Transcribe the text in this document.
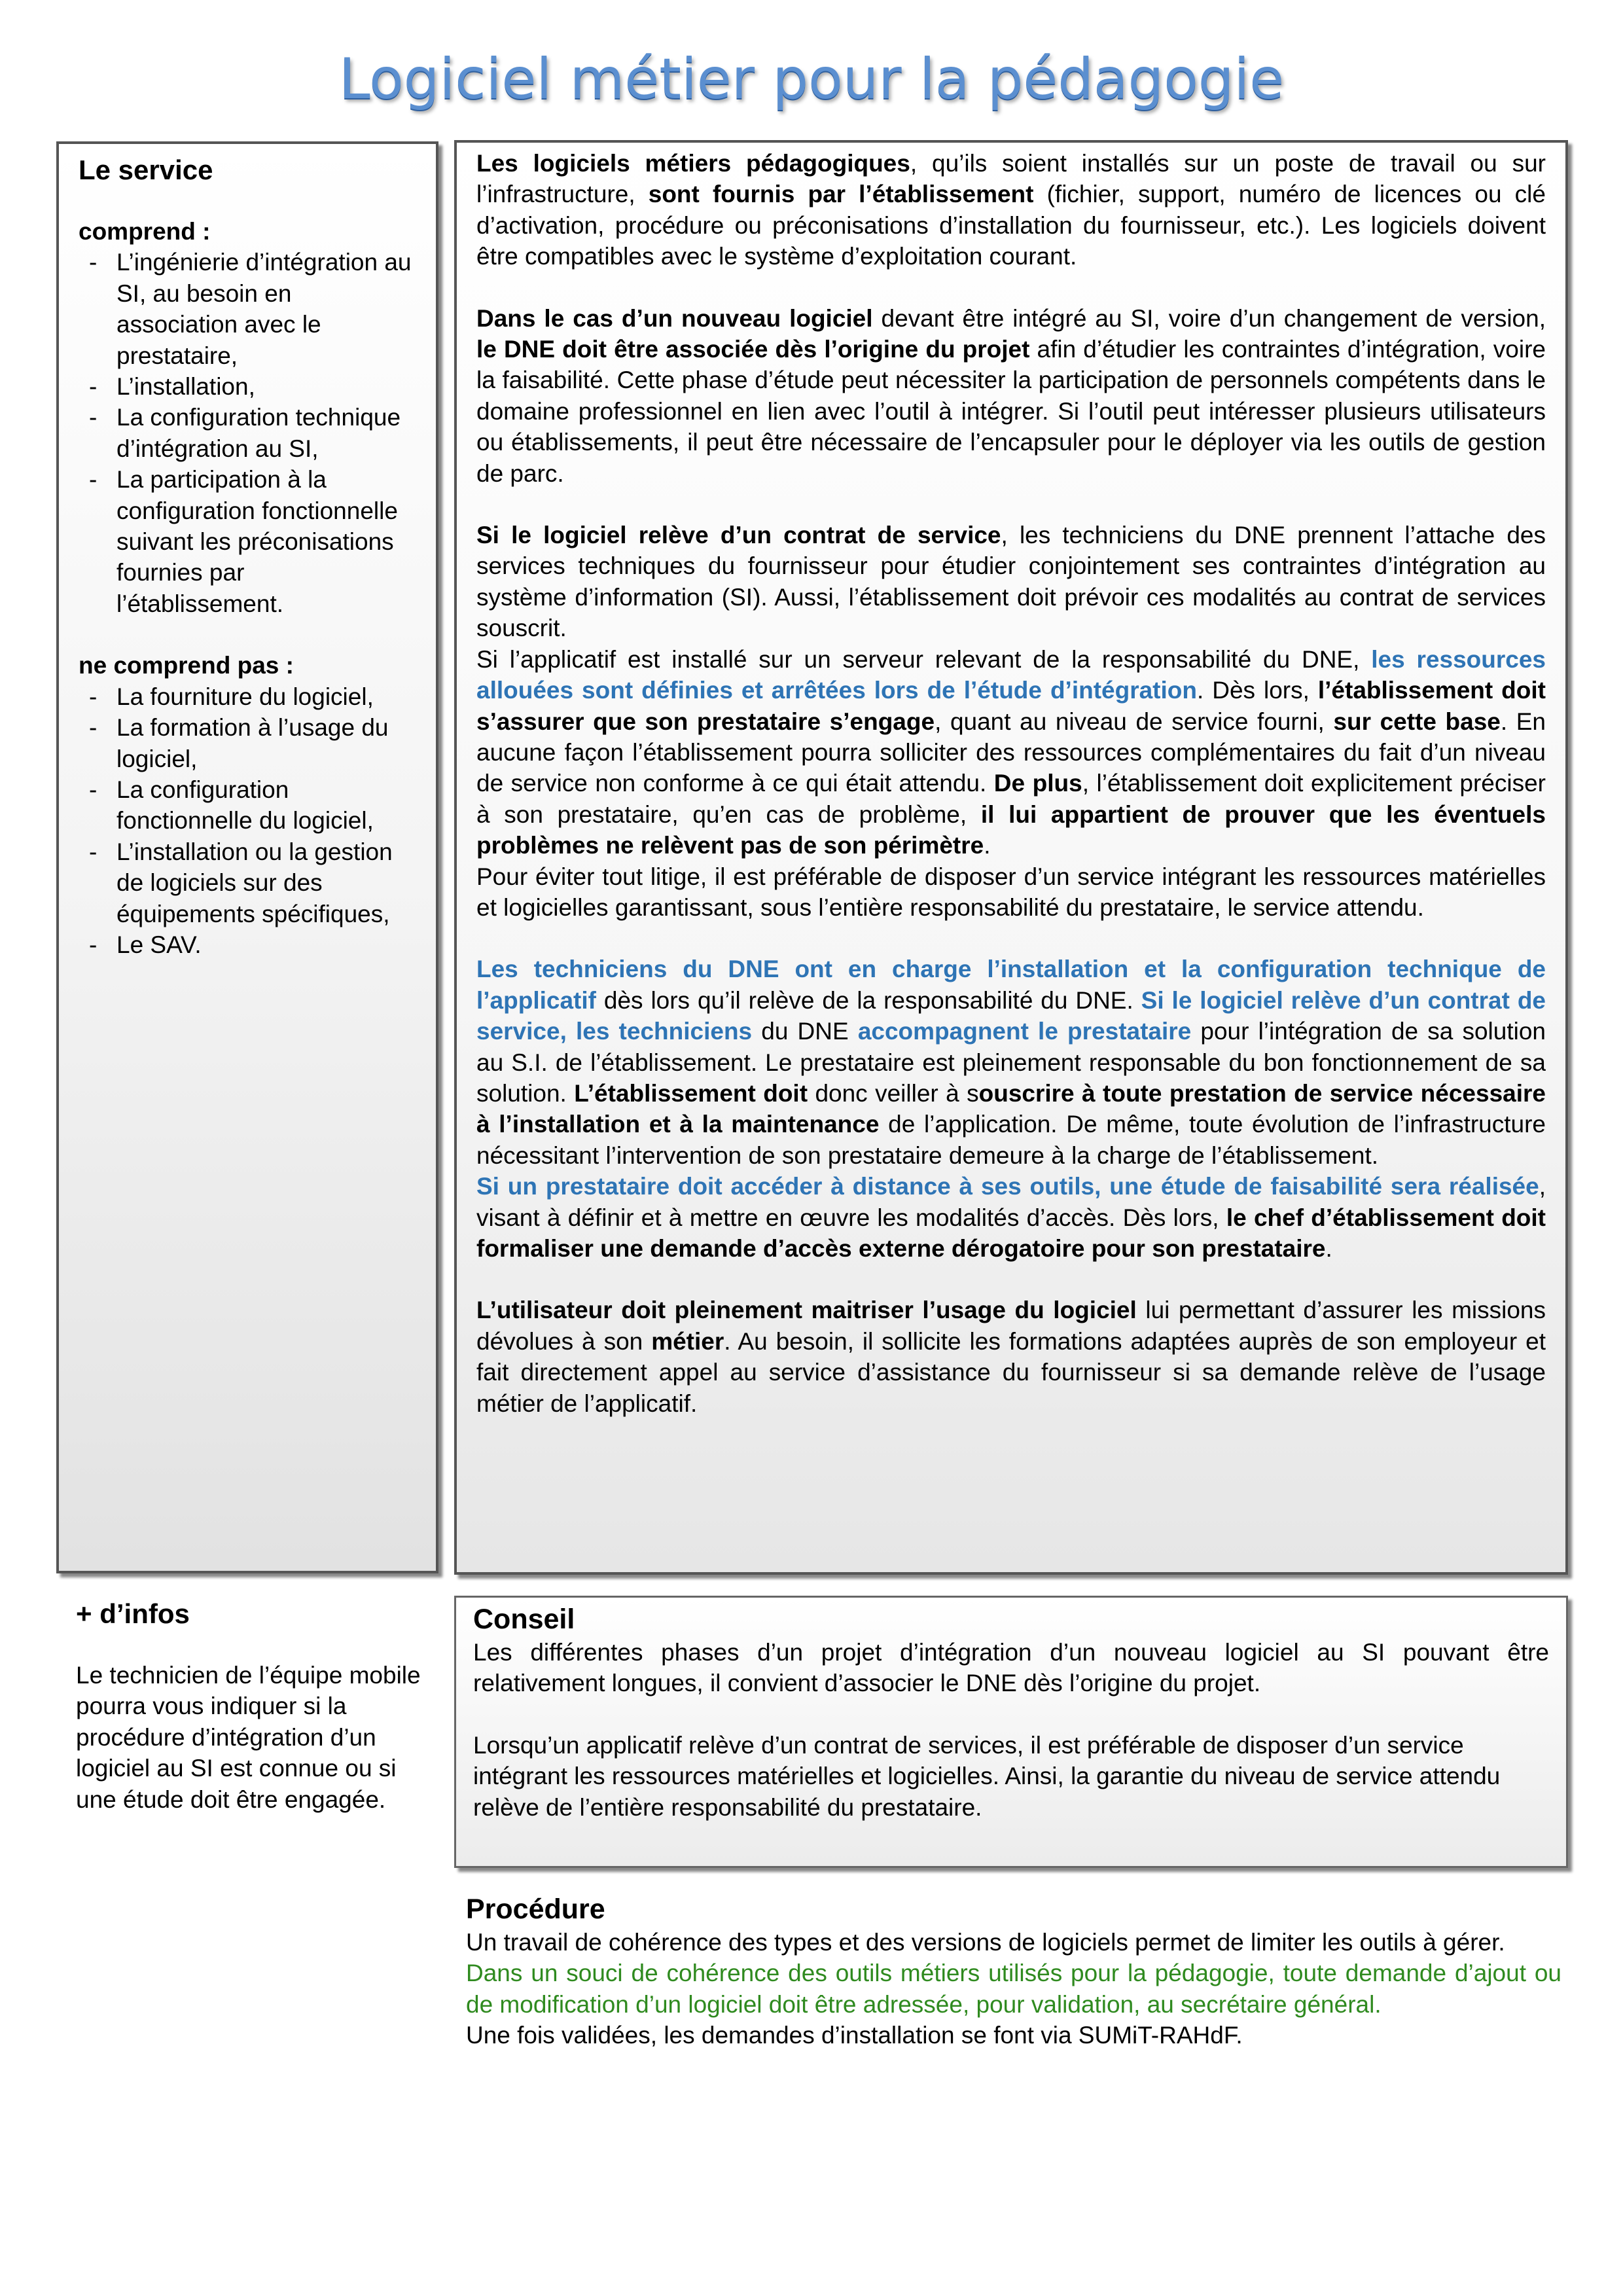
Logiciel métier pour la pédagogie

Le service

comprend :

- L’ingénierie d’intégration au SI, au besoin en association avec le prestataire,
- L’installation,
- La configuration technique d’intégration au SI,
- La participation à la configuration fonctionnelle suivant les préconisations fournies par l’établissement.

ne comprend pas :

- La fourniture du logiciel,
- La formation à l’usage du logiciel,
- La configuration fonctionnelle du logiciel,
- L’installation ou la gestion de logiciels sur des équipements spécifiques,
- Le SAV.

Les logiciels métiers pédagogiques, qu’ils soient installés sur un poste de travail ou sur l’infrastructure, sont fournis par l’établissement (fichier, support, numéro de licences ou clé d’activation, procédure ou préconisations d’installation du fournisseur, etc.). Les logiciels doivent être compatibles avec le système d’exploitation courant.

Dans le cas d’un nouveau logiciel devant être intégré au SI, voire d’un changement de version, le DNE doit être associée dès l’origine du projet afin d’étudier les contraintes d’intégration, voire la faisabilité. Cette phase d’étude peut nécessiter la participation de personnels compétents dans le domaine professionnel en lien avec l’outil à intégrer. Si l’outil peut intéresser plusieurs utilisateurs ou établissements, il peut être nécessaire de l’encapsuler pour le déployer via les outils de gestion de parc.

Si le logiciel relève d’un contrat de service, les techniciens du DNE prennent l’attache des services techniques du fournisseur pour étudier conjointement ses contraintes d’intégration au système d’information (SI). Aussi, l’établissement doit prévoir ces modalités au contrat de services souscrit.

Si l’applicatif est installé sur un serveur relevant de la responsabilité du DNE, les ressources allouées sont définies et arrêtées lors de l’étude d’intégration. Dès lors, l’établissement doit s’assurer que son prestataire s’engage, quant au niveau de service fourni, sur cette base. En aucune façon l’établissement pourra solliciter des ressources complémentaires du fait d’un niveau de service non conforme à ce qui était attendu. De plus, l’établissement doit explicitement préciser à son prestataire, qu’en cas de problème, il lui appartient de prouver que les éventuels problèmes ne relèvent pas de son périmètre.

Pour éviter tout litige, il est préférable de disposer d’un service intégrant les ressources matérielles et logicielles garantissant, sous l’entière responsabilité du prestataire, le service attendu.

Les techniciens du DNE ont en charge l’installation et la configuration technique de l’applicatif dès lors qu’il relève de la responsabilité du DNE. Si le logiciel relève d’un contrat de service, les techniciens du DNE accompagnent le prestataire pour l’intégration de sa solution au S.I. de l’établissement. Le prestataire est pleinement responsable du bon fonctionnement de sa solution. L’établissement doit donc veiller à souscrire à toute prestation de service nécessaire à l’installation et à la maintenance de l’application. De même, toute évolution de l’infrastructure nécessitant l’intervention de son prestataire demeure à la charge de l’établissement.

Si un prestataire doit accéder à distance à ses outils, une étude de faisabilité sera réalisée, visant à définir et à mettre en œuvre les modalités d’accès. Dès lors, le chef d’établissement doit formaliser une demande d’accès externe dérogatoire pour son prestataire.

L’utilisateur doit pleinement maitriser l’usage du logiciel lui permettant d’assurer les missions dévolues à son métier. Au besoin, il sollicite les formations adaptées auprès de son employeur et fait directement appel au service d’assistance du fournisseur si sa demande relève de l’usage métier de l’applicatif.

+ d’infos

Le technicien de l’équipe mobile pourra vous indiquer si la procédure d’intégration d’un logiciel au SI est connue ou si une étude doit être engagée.

Conseil

Les différentes phases d’un projet d’intégration d’un nouveau logiciel au SI pouvant être relativement longues, il convient d’associer le DNE dès l’origine du projet.

Lorsqu’un applicatif relève d’un contrat de services, il est préférable de disposer d’un service intégrant les ressources matérielles et logicielles. Ainsi, la garantie du niveau de service attendu relève de l’entière responsabilité du prestataire.

Procédure

Un travail de cohérence des types et des versions de logiciels permet de limiter les outils à gérer.

Dans un souci de cohérence des outils métiers utilisés pour la pédagogie, toute demande d’ajout ou de modification d’un logiciel doit être adressée, pour validation, au secrétaire général.

Une fois validées, les demandes d’installation se font via SUMiT-RAHdF.
